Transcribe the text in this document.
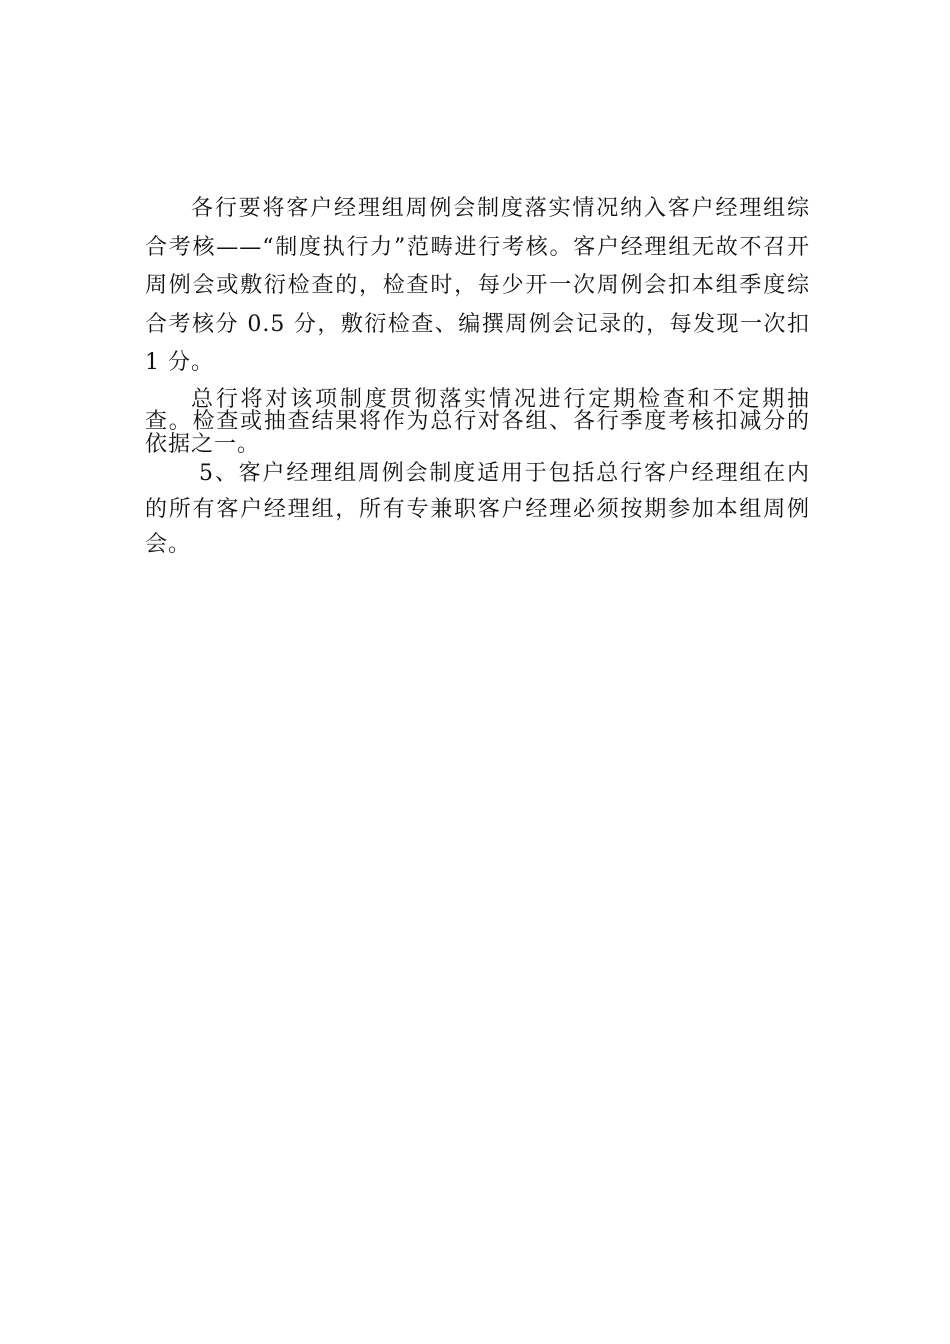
各行要将客户经理组周例会制度落实情况纳入客户经理组综合考核——“制度执行力”范畴进行考核。客户经理组无故不召开周例会或敷衍检查的，检查时，每少开一次周例会扣本组季度综合考核分 0.5 分，敷衍检查、编撰周例会记录的，每发现一次扣 1 分。

总行将对该项制度贯彻落实情况进行定期检查和不定期抽查。检查或抽查结果将作为总行对各组、各行季度考核扣减分的依据之一。

5、客户经理组周例会制度适用于包括总行客户经理组在内的所有客户经理组，所有专兼职客户经理必须按期参加本组周例会。
